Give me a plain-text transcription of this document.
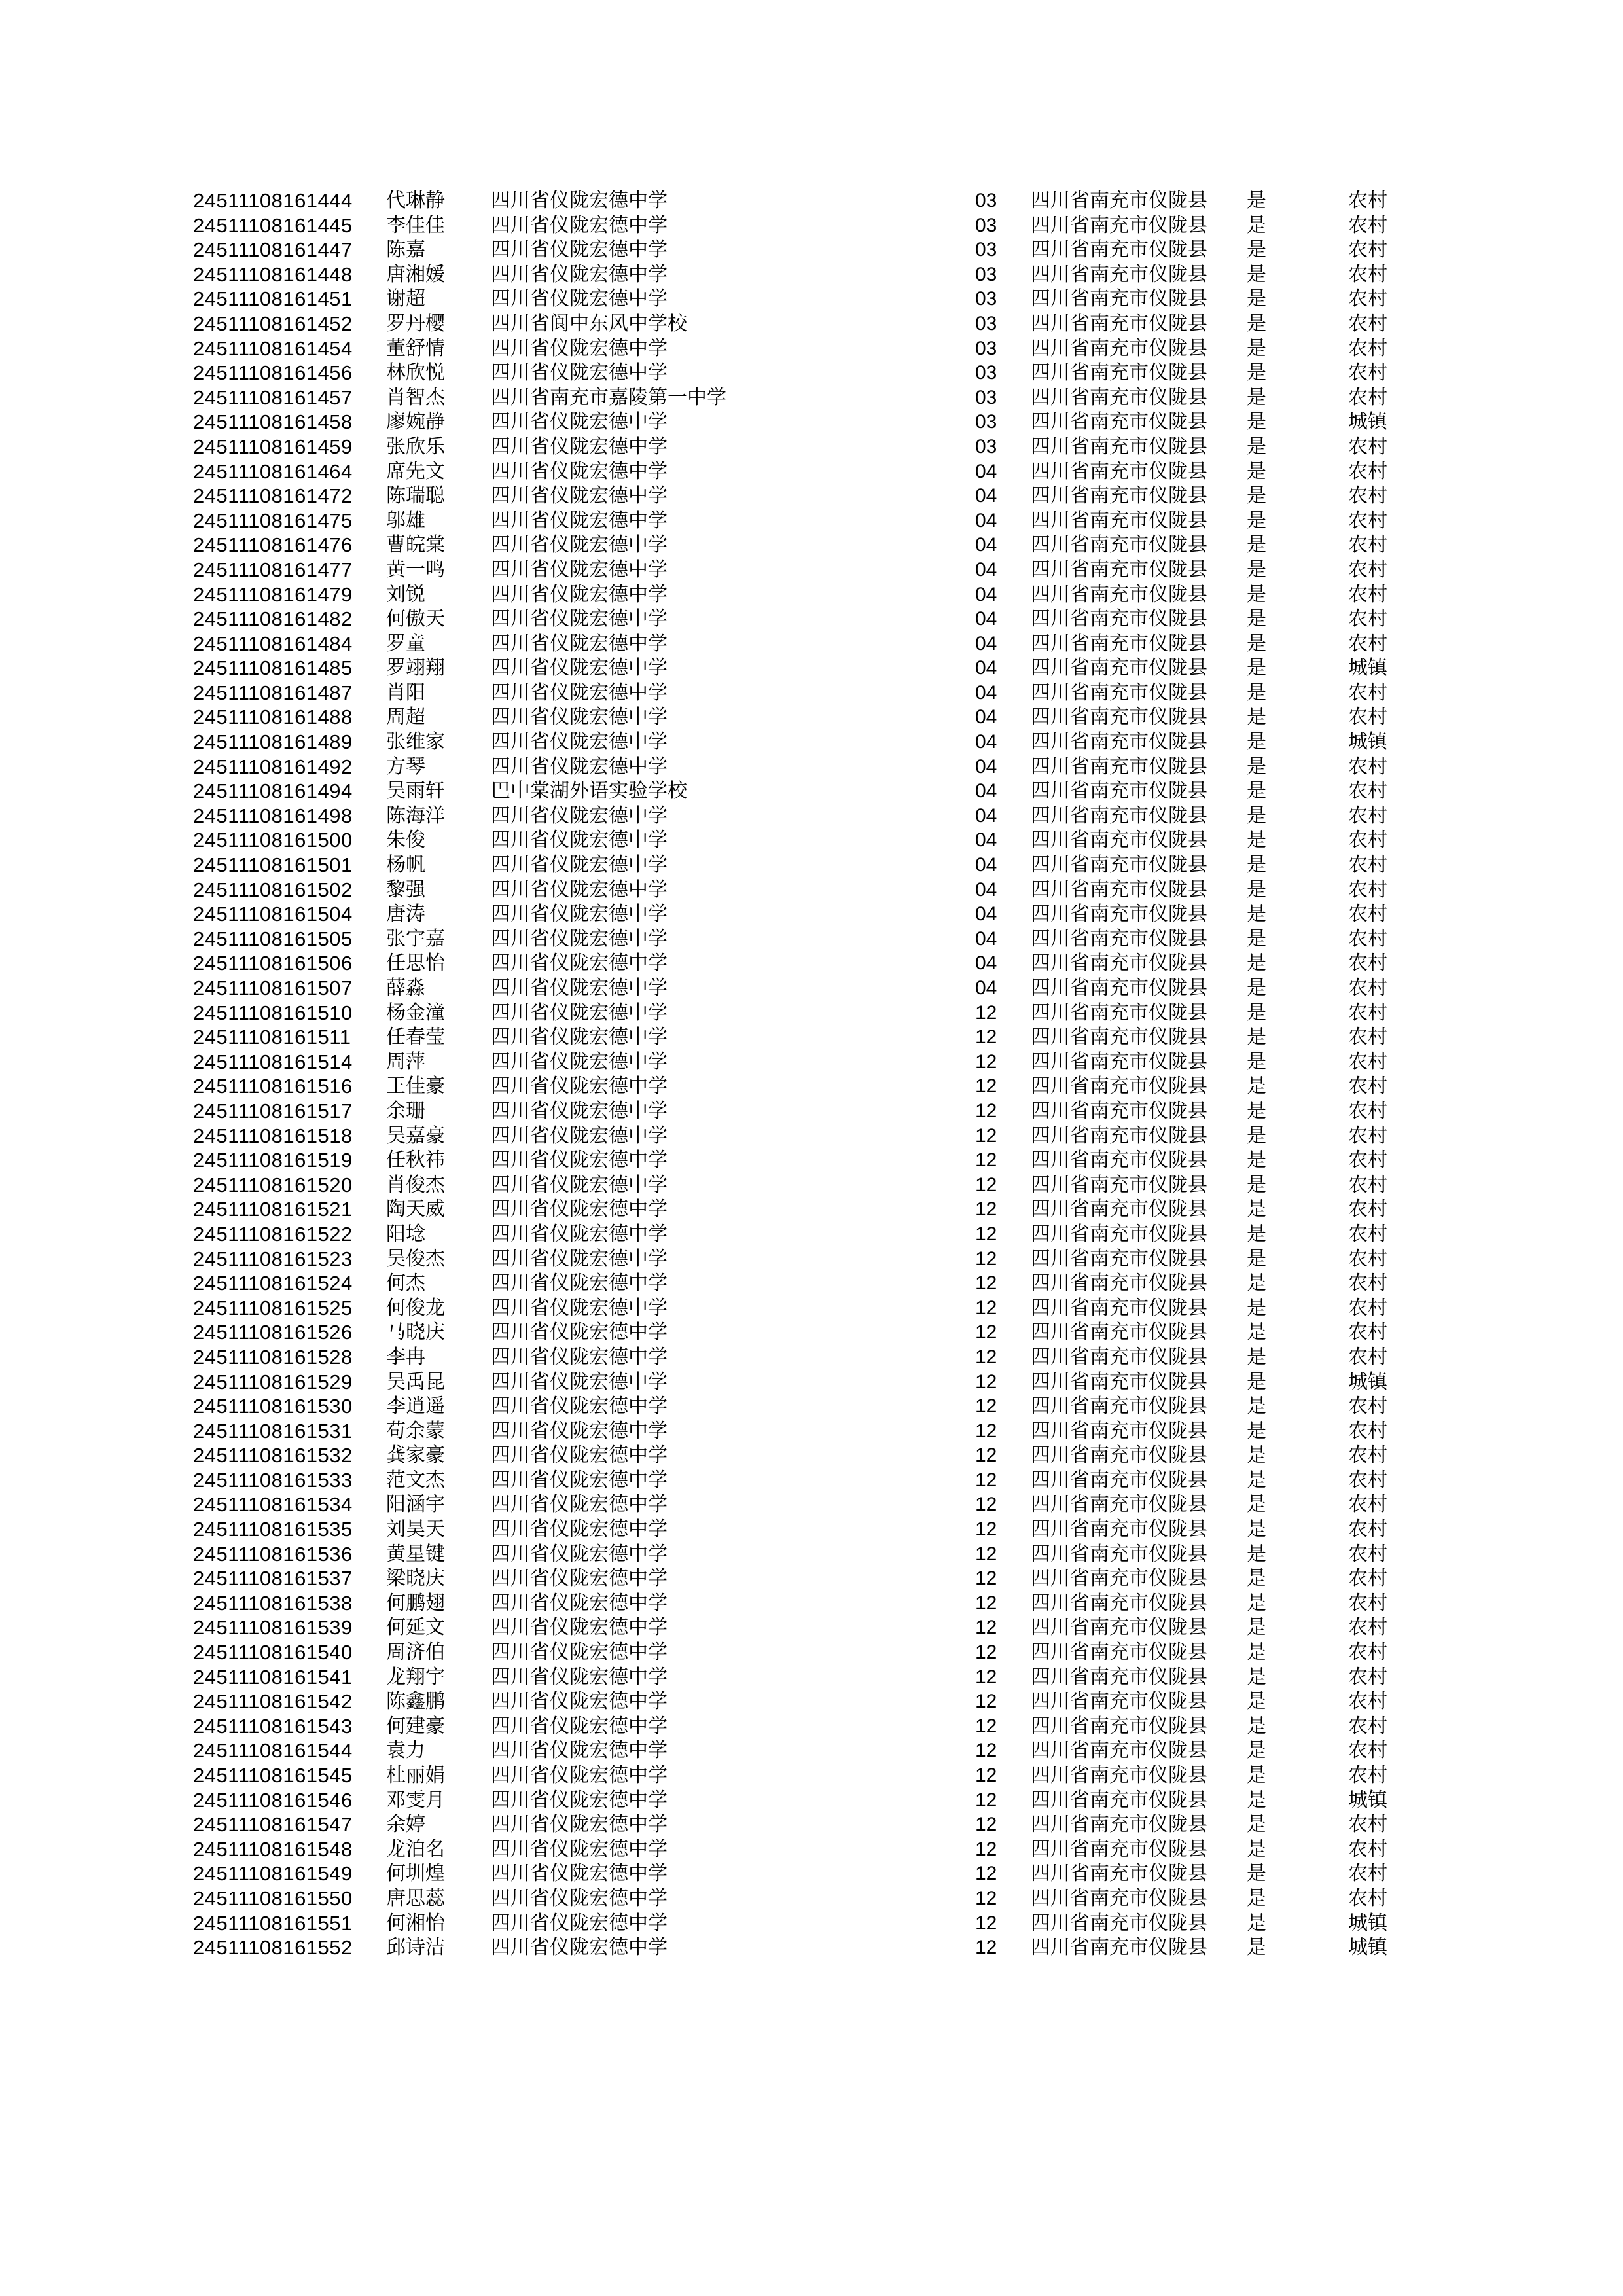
24511108161444	代琳静	四川省仪陇宏德中学	03	四川省南充市仪陇县	是	农村
24511108161445	李佳佳	四川省仪陇宏德中学	03	四川省南充市仪陇县	是	农村
24511108161447	陈嘉	四川省仪陇宏德中学	03	四川省南充市仪陇县	是	农村
24511108161448	唐湘媛	四川省仪陇宏德中学	03	四川省南充市仪陇县	是	农村
24511108161451	谢超	四川省仪陇宏德中学	03	四川省南充市仪陇县	是	农村
24511108161452	罗丹樱	四川省阆中东风中学校	03	四川省南充市仪陇县	是	农村
24511108161454	董舒情	四川省仪陇宏德中学	03	四川省南充市仪陇县	是	农村
24511108161456	林欣悦	四川省仪陇宏德中学	03	四川省南充市仪陇县	是	农村
24511108161457	肖智杰	四川省南充市嘉陵第一中学	03	四川省南充市仪陇县	是	农村
24511108161458	廖婉静	四川省仪陇宏德中学	03	四川省南充市仪陇县	是	城镇
24511108161459	张欣乐	四川省仪陇宏德中学	03	四川省南充市仪陇县	是	农村
24511108161464	席先文	四川省仪陇宏德中学	04	四川省南充市仪陇县	是	农村
24511108161472	陈瑞聪	四川省仪陇宏德中学	04	四川省南充市仪陇县	是	农村
24511108161475	邬雄	四川省仪陇宏德中学	04	四川省南充市仪陇县	是	农村
24511108161476	曹皖棠	四川省仪陇宏德中学	04	四川省南充市仪陇县	是	农村
24511108161477	黄一鸣	四川省仪陇宏德中学	04	四川省南充市仪陇县	是	农村
24511108161479	刘锐	四川省仪陇宏德中学	04	四川省南充市仪陇县	是	农村
24511108161482	何傲天	四川省仪陇宏德中学	04	四川省南充市仪陇县	是	农村
24511108161484	罗童	四川省仪陇宏德中学	04	四川省南充市仪陇县	是	农村
24511108161485	罗翊翔	四川省仪陇宏德中学	04	四川省南充市仪陇县	是	城镇
24511108161487	肖阳	四川省仪陇宏德中学	04	四川省南充市仪陇县	是	农村
24511108161488	周超	四川省仪陇宏德中学	04	四川省南充市仪陇县	是	农村
24511108161489	张维家	四川省仪陇宏德中学	04	四川省南充市仪陇县	是	城镇
24511108161492	方琴	四川省仪陇宏德中学	04	四川省南充市仪陇县	是	农村
24511108161494	吴雨轩	巴中棠湖外语实验学校	04	四川省南充市仪陇县	是	农村
24511108161498	陈海洋	四川省仪陇宏德中学	04	四川省南充市仪陇县	是	农村
24511108161500	朱俊	四川省仪陇宏德中学	04	四川省南充市仪陇县	是	农村
24511108161501	杨帆	四川省仪陇宏德中学	04	四川省南充市仪陇县	是	农村
24511108161502	黎强	四川省仪陇宏德中学	04	四川省南充市仪陇县	是	农村
24511108161504	唐涛	四川省仪陇宏德中学	04	四川省南充市仪陇县	是	农村
24511108161505	张宇嘉	四川省仪陇宏德中学	04	四川省南充市仪陇县	是	农村
24511108161506	任思怡	四川省仪陇宏德中学	04	四川省南充市仪陇县	是	农村
24511108161507	薛淼	四川省仪陇宏德中学	04	四川省南充市仪陇县	是	农村
24511108161510	杨金潼	四川省仪陇宏德中学	12	四川省南充市仪陇县	是	农村
24511108161511	任春莹	四川省仪陇宏德中学	12	四川省南充市仪陇县	是	农村
24511108161514	周萍	四川省仪陇宏德中学	12	四川省南充市仪陇县	是	农村
24511108161516	王佳豪	四川省仪陇宏德中学	12	四川省南充市仪陇县	是	农村
24511108161517	余珊	四川省仪陇宏德中学	12	四川省南充市仪陇县	是	农村
24511108161518	吴嘉豪	四川省仪陇宏德中学	12	四川省南充市仪陇县	是	农村
24511108161519	任秋祎	四川省仪陇宏德中学	12	四川省南充市仪陇县	是	农村
24511108161520	肖俊杰	四川省仪陇宏德中学	12	四川省南充市仪陇县	是	农村
24511108161521	陶天威	四川省仪陇宏德中学	12	四川省南充市仪陇县	是	农村
24511108161522	阳埝	四川省仪陇宏德中学	12	四川省南充市仪陇县	是	农村
24511108161523	吴俊杰	四川省仪陇宏德中学	12	四川省南充市仪陇县	是	农村
24511108161524	何杰	四川省仪陇宏德中学	12	四川省南充市仪陇县	是	农村
24511108161525	何俊龙	四川省仪陇宏德中学	12	四川省南充市仪陇县	是	农村
24511108161526	马晓庆	四川省仪陇宏德中学	12	四川省南充市仪陇县	是	农村
24511108161528	李冉	四川省仪陇宏德中学	12	四川省南充市仪陇县	是	农村
24511108161529	吴禹昆	四川省仪陇宏德中学	12	四川省南充市仪陇县	是	城镇
24511108161530	李逍遥	四川省仪陇宏德中学	12	四川省南充市仪陇县	是	农村
24511108161531	苟余蒙	四川省仪陇宏德中学	12	四川省南充市仪陇县	是	农村
24511108161532	龚家豪	四川省仪陇宏德中学	12	四川省南充市仪陇县	是	农村
24511108161533	范文杰	四川省仪陇宏德中学	12	四川省南充市仪陇县	是	农村
24511108161534	阳涵宇	四川省仪陇宏德中学	12	四川省南充市仪陇县	是	农村
24511108161535	刘昊天	四川省仪陇宏德中学	12	四川省南充市仪陇县	是	农村
24511108161536	黄星键	四川省仪陇宏德中学	12	四川省南充市仪陇县	是	农村
24511108161537	梁晓庆	四川省仪陇宏德中学	12	四川省南充市仪陇县	是	农村
24511108161538	何鹏翅	四川省仪陇宏德中学	12	四川省南充市仪陇县	是	农村
24511108161539	何延文	四川省仪陇宏德中学	12	四川省南充市仪陇县	是	农村
24511108161540	周济伯	四川省仪陇宏德中学	12	四川省南充市仪陇县	是	农村
24511108161541	龙翔宇	四川省仪陇宏德中学	12	四川省南充市仪陇县	是	农村
24511108161542	陈鑫鹏	四川省仪陇宏德中学	12	四川省南充市仪陇县	是	农村
24511108161543	何建豪	四川省仪陇宏德中学	12	四川省南充市仪陇县	是	农村
24511108161544	袁力	四川省仪陇宏德中学	12	四川省南充市仪陇县	是	农村
24511108161545	杜丽娟	四川省仪陇宏德中学	12	四川省南充市仪陇县	是	农村
24511108161546	邓雯月	四川省仪陇宏德中学	12	四川省南充市仪陇县	是	城镇
24511108161547	余婷	四川省仪陇宏德中学	12	四川省南充市仪陇县	是	农村
24511108161548	龙泊名	四川省仪陇宏德中学	12	四川省南充市仪陇县	是	农村
24511108161549	何圳煌	四川省仪陇宏德中学	12	四川省南充市仪陇县	是	农村
24511108161550	唐思蕊	四川省仪陇宏德中学	12	四川省南充市仪陇县	是	农村
24511108161551	何湘怡	四川省仪陇宏德中学	12	四川省南充市仪陇县	是	城镇
24511108161552	邱诗洁	四川省仪陇宏德中学	12	四川省南充市仪陇县	是	城镇
